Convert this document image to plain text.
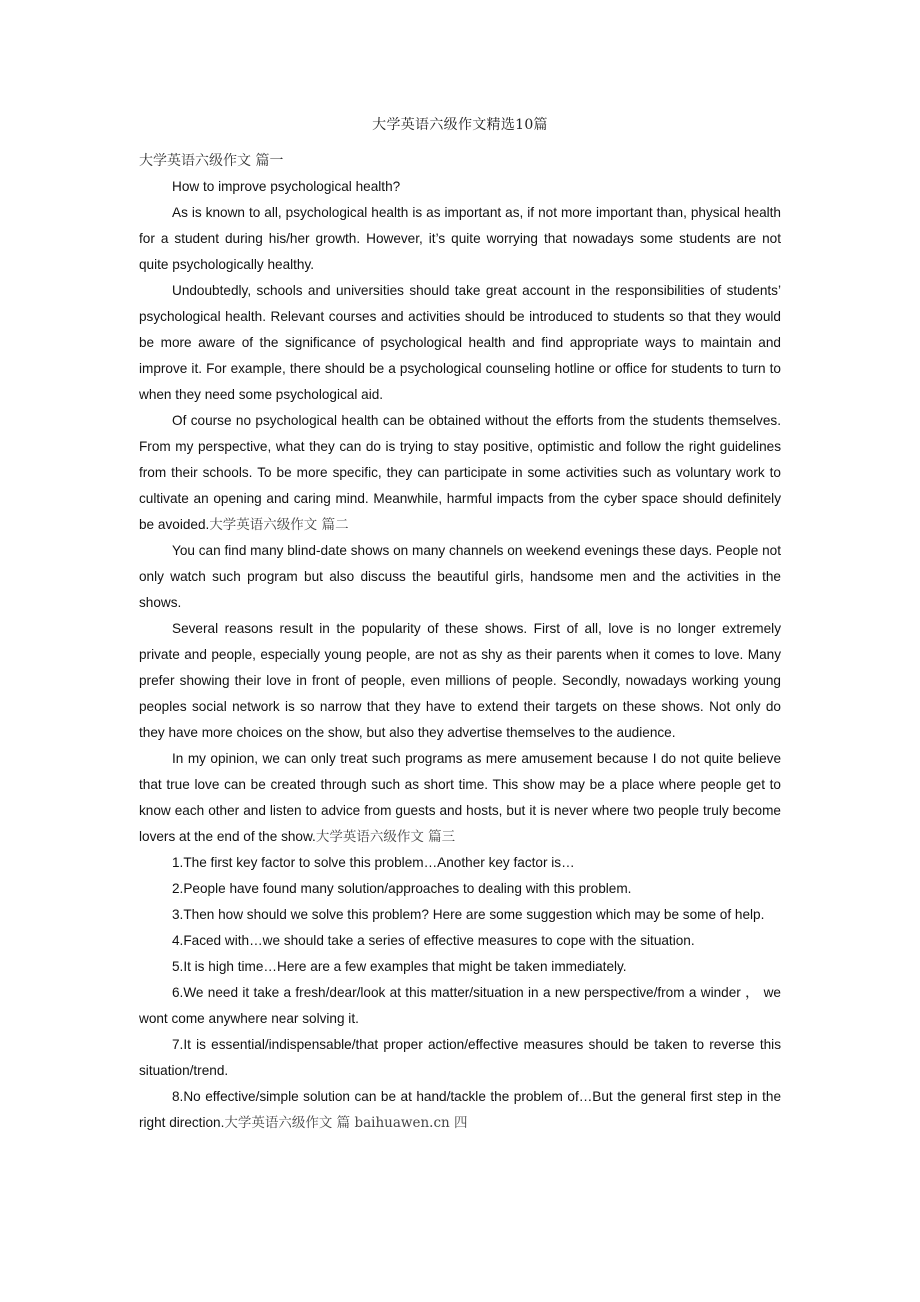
大学英语六级作文精选10篇
大学英语六级作文 篇一

How to improve psychological health?

As is known to all, psychological health is as important as, if not more important than, physical health for a student during his/her growth. However, it’s quite worrying that nowadays some students are not quite psychologically healthy.

Undoubtedly, schools and universities should take great account in the responsibilities of students’ psychological health. Relevant courses and activities should be introduced to students so that they would be more aware of the significance of psychological health and find appropriate ways to maintain and improve it. For example, there should be a psychological counseling hotline or office for students to turn to when they need some psychological aid.

Of course no psychological health can be obtained without the efforts from the students themselves. From my perspective, what they can do is trying to stay positive, optimistic and follow the right guidelines from their schools. To be more specific, they can participate in some activities such as voluntary work to cultivate an opening and caring mind. Meanwhile, harmful impacts from the cyber space should definitely be avoided.大学英语六级作文 篇二

You can find many blind-date shows on many channels on weekend evenings these days. People not only watch such program but also discuss the beautiful girls, handsome men and the activities in the shows.

Several reasons result in the popularity of these shows. First of all, love is no longer extremely private and people, especially young people, are not as shy as their parents when it comes to love. Many prefer showing their love in front of people, even millions of people. Secondly, nowadays working young peoples social network is so narrow that they have to extend their targets on these shows. Not only do they have more choices on the show, but also they advertise themselves to the audience.

In my opinion, we can only treat such programs as mere amusement because I do not quite believe that true love can be created through such as short time. This show may be a place where people get to know each other and listen to advice from guests and hosts, but it is never where two people truly become lovers at the end of the show.大学英语六级作文 篇三

1.The first key factor to solve this problem…Another key factor is…

2.People have found many solution/approaches to dealing with this problem.

3.Then how should we solve this problem? Here are some suggestion which may be some of help.

4.Faced with…we should take a series of effective measures to cope with the situation.

5.It is high time…Here are a few examples that might be taken immediately.

6.We need it take a fresh/dear/look at this matter/situation in a new perspective/from a winder ， we wont come anywhere near solving it.

7.It is essential/indispensable/that proper action/effective measures should be taken to reverse this situation/trend.

8.No effective/simple solution can be at hand/tackle the problem of…But the general first step in the right direction.大学英语六级作文 篇 baihuawen.cn 四
